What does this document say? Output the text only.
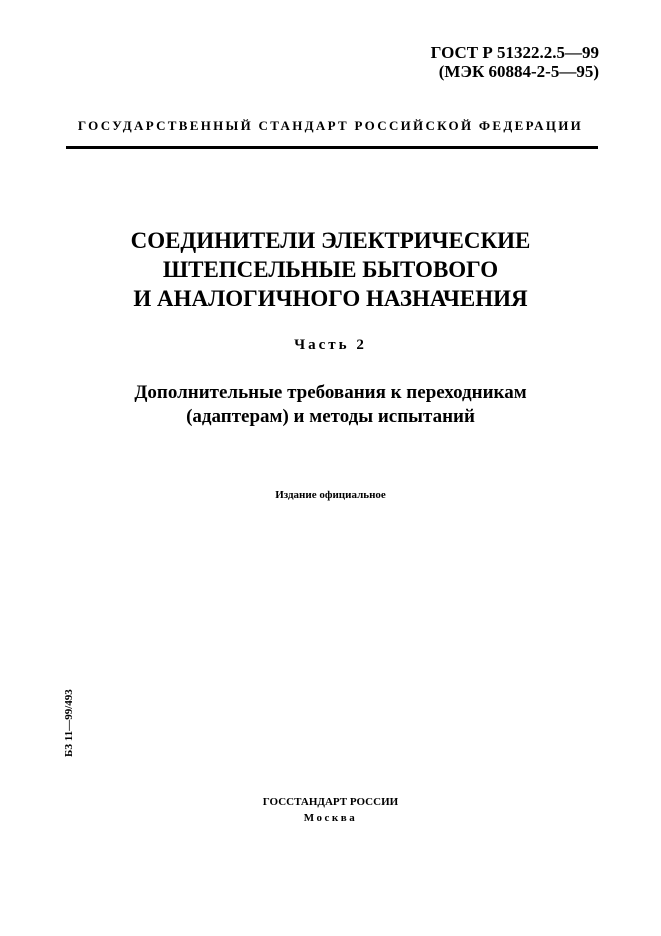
ГОСТ Р 51322.2.5—99
(МЭК 60884-2-5—95)
ГОСУДАРСТВЕННЫЙ СТАНДАРТ РОССИЙСКОЙ ФЕДЕРАЦИИ
СОЕДИНИТЕЛИ ЭЛЕКТРИЧЕСКИЕ
ШТЕПСЕЛЬНЫЕ БЫТОВОГО
И АНАЛОГИЧНОГО НАЗНАЧЕНИЯ
Часть 2
Дополнительные требования к переходникам
(адаптерам) и методы испытаний
Издание официальное
БЗ 11—99/493
ГОССТАНДАРТ РОССИИ
Москва
